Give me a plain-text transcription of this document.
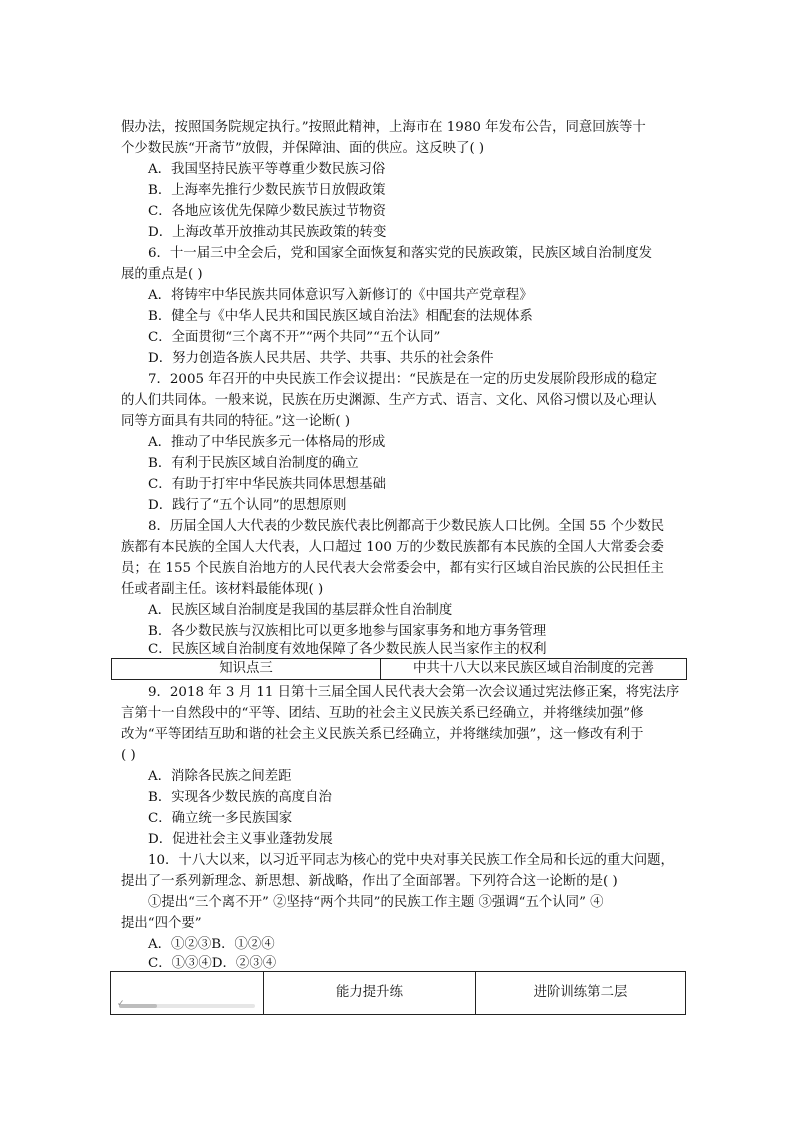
假办法，按照国务院规定执行。”按照此精神，上海市在 1980 年发布公告，同意回族等十
个少数民族“开斋节”放假，并保障油、面的供应。这反映了( )
A．我国坚持民族平等尊重少数民族习俗
B．上海率先推行少数民族节日放假政策
C．各地应该优先保障少数民族过节物资
D．上海改革开放推动其民族政策的转变
6．十一届三中全会后，党和国家全面恢复和落实党的民族政策，民族区域自治制度发
展的重点是( )
A．将铸牢中华民族共同体意识写入新修订的《中国共产党章程》
B．健全与《中华人民共和国民族区域自治法》相配套的法规体系
C．全面贯彻“三个离不开”“两个共同”“五个认同”
D．努力创造各族人民共居、共学、共事、共乐的社会条件
7．2005 年召开的中央民族工作会议提出：“民族是在一定的历史发展阶段形成的稳定
的人们共同体。一般来说，民族在历史渊源、生产方式、语言、文化、风俗习惯以及心理认
同等方面具有共同的特征。”这一论断( )
A．推动了中华民族多元一体格局的形成
B．有利于民族区域自治制度的确立
C．有助于打牢中华民族共同体思想基础
D．践行了“五个认同”的思想原则
8．历届全国人大代表的少数民族代表比例都高于少数民族人口比例。全国 55 个少数民
族都有本民族的全国人大代表，人口超过 100 万的少数民族都有本民族的全国人大常委会委
员；在 155 个民族自治地方的人民代表大会常委会中，都有实行区域自治民族的公民担任主
任或者副主任。该材料最能体现( )
A．民族区域自治制度是我国的基层群众性自治制度
B．各少数民族与汉族相比可以更多地参与国家事务和地方事务管理
C．民族区域自治制度有效地保障了各少数民族人民当家作主的权利
知识点三	中共十八大以来民族区域自治制度的完善
9．2018 年 3 月 11 日第十三届全国人民代表大会第一次会议通过宪法修正案，将宪法序
言第十一自然段中的“平等、团结、互助的社会主义民族关系已经确立，并将继续加强”修
改为“平等团结互助和谐的社会主义民族关系已经确立，并将继续加强”，这一修改有利于
( )
A．消除各民族之间差距
B．实现各少数民族的高度自治
C．确立统一多民族国家
D．促进社会主义事业蓬勃发展
10．十八大以来，以习近平同志为核心的党中央对事关民族工作全局和长远的重大问题，
提出了一系列新理念、新思想、新战略，作出了全面部署。下列符合这一论断的是( )
①提出“三个离不开” ②坚持“两个共同”的民族工作主题 ③强调“五个认同” ④
提出“四个要”
A．①②③B．①②④
C．①③④D．②③④
✓
能力提升练	进阶训练第二层
